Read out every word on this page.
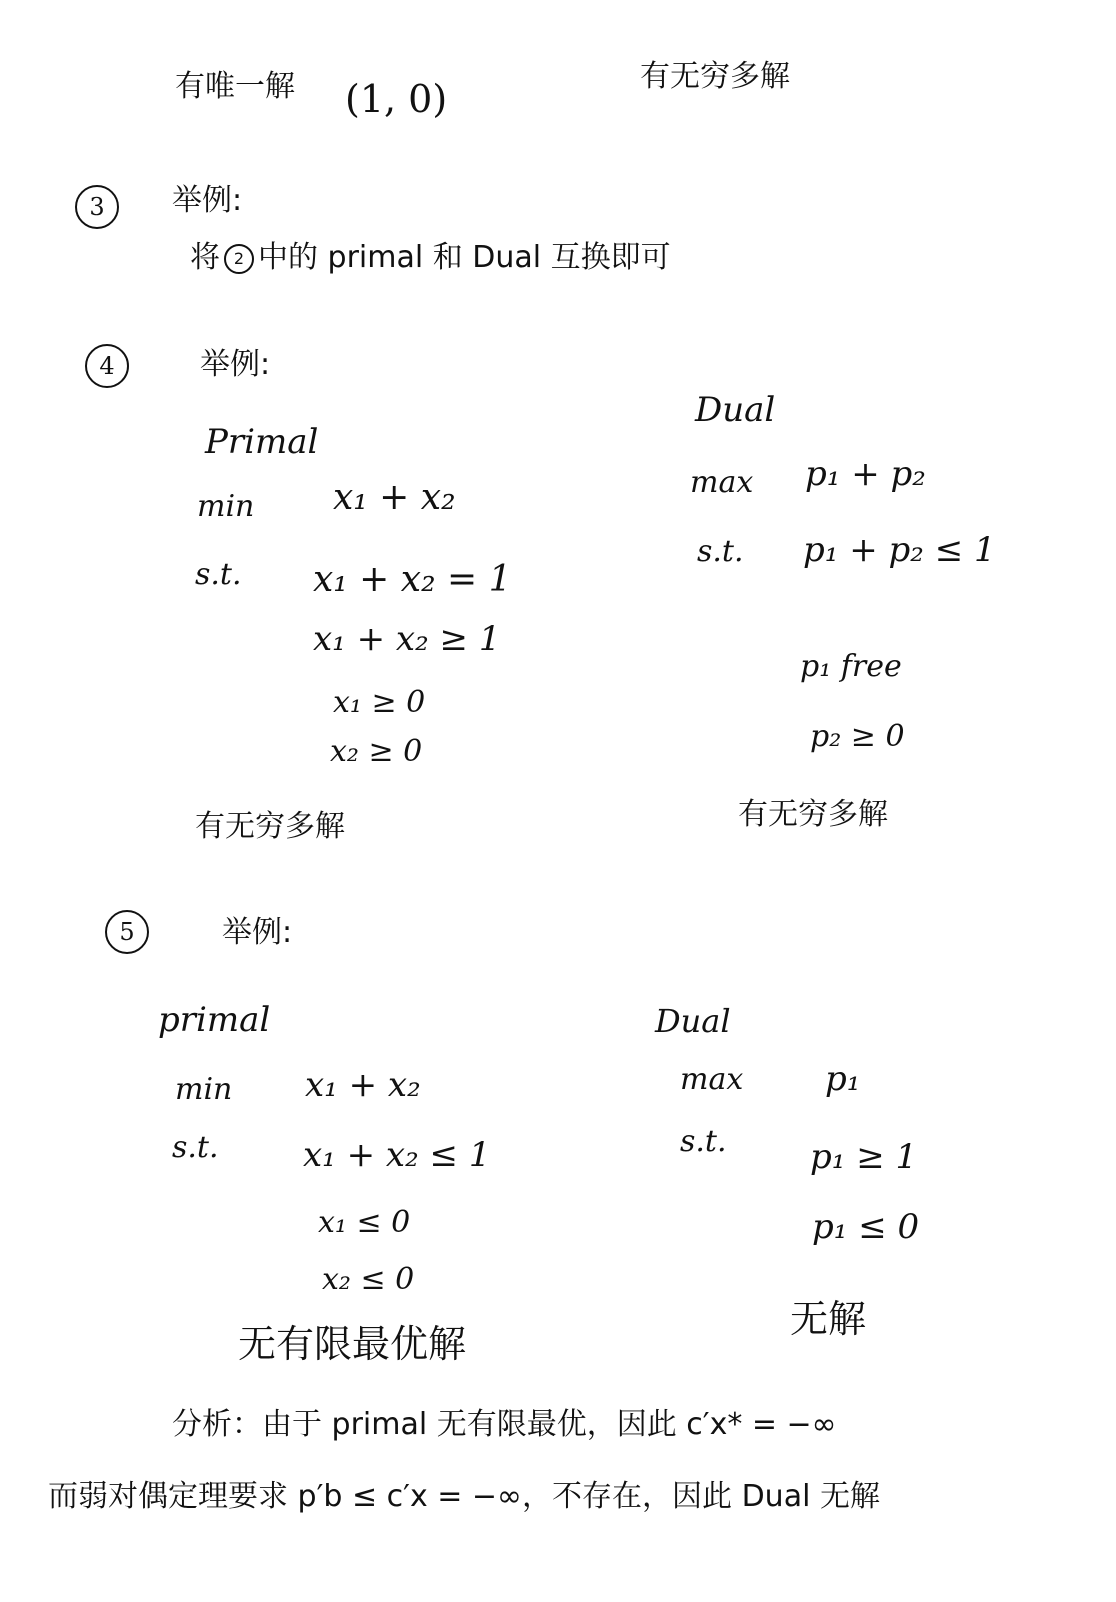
有唯一解 (1, 0)
有无穷多解
3 举例:
将 2 中的 primal 和 Dual 互换即可
4	举例:
Primal
min x₁ + x₂
s.t. x₁ + x₂ = 1
x₁ + x₂ ≥ 1
x₁ ≥ 0
x₂ ≥ 0
有无穷多解
Dual
max p₁ + p₂
s.t. p₁ + p₂ ≤ 1
p₁ free
p₂ ≥ 0
有无穷多解
5	举例:
primal
min x₁ + x₂
s.t. x₁ + x₂ ≤ 1
x₁ ≤ 0
x₂ ≤ 0
无有限最优解
Dual
max p₁
s.t. p₁ ≥ 1
p₁ ≤ 0
无解
分析：由于 primal 无有限最优，因此 c′x* = −∞
而弱对偶定理要求 p′b ≤ c′x = −∞，不存在，因此 Dual 无解
